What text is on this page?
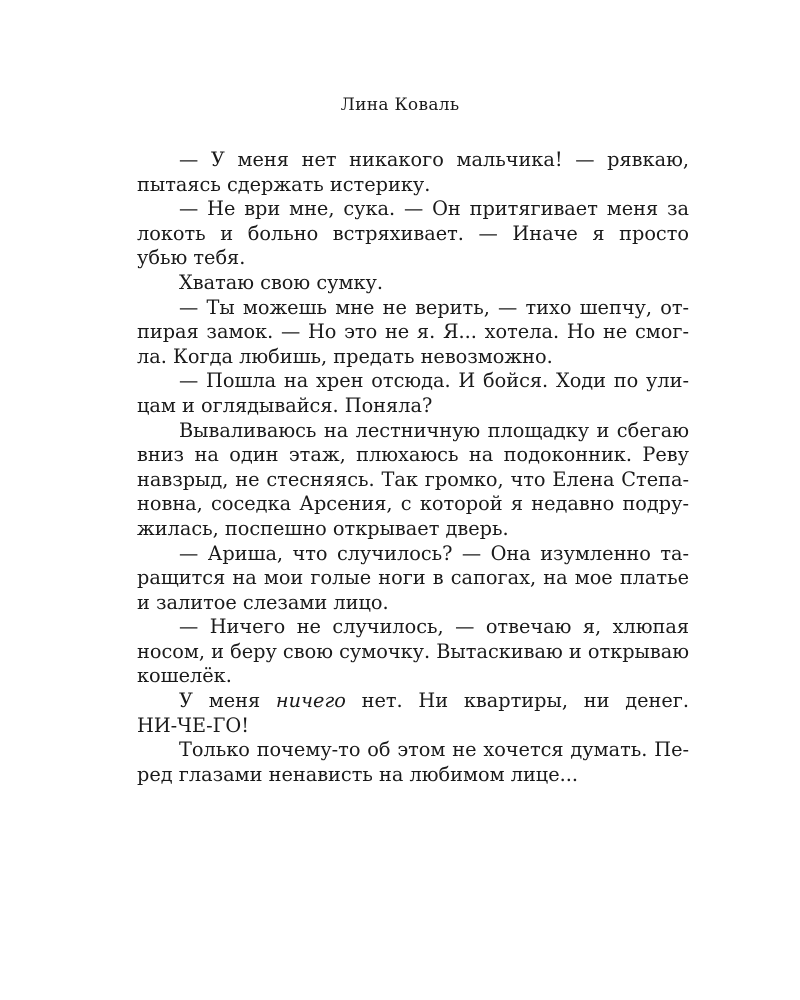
Лина Коваль
— У меня нет никакого мальчика! — рявкаю,
пытаясь сдержать истерику.
— Не ври мне, сука. — Он притягивает меня за
локоть и больно встряхивает. — Иначе я просто
убью тебя.
Хватаю свою сумку.
— Ты можешь мне не верить, — тихо шепчу, от-
пирая замок. — Но это не я. Я... хотела. Но не смог-
ла. Когда любишь, предать невозможно.
— Пошла на хрен отсюда. И бойся. Ходи по ули-
цам и оглядывайся. Поняла?
Вываливаюсь на лестничную площадку и сбегаю
вниз на один этаж, плюхаюсь на подоконник. Реву
навзрыд, не стесняясь. Так громко, что Елена Степа-
новна, соседка Арсения, с которой я недавно подру-
жилась, поспешно открывает дверь.
— Ариша, что случилось? — Она изумленно та-
ращится на мои голые ноги в сапогах, на мое платье
и залитое слезами лицо.
— Ничего не случилось, — отвечаю я, хлюпая
носом, и беру свою сумочку. Вытаскиваю и открываю
кошелёк.
У меня ничего нет. Ни квартиры, ни денег.
НИ-ЧЕ-ГО!
Только почему-то об этом не хочется думать. Пе-
ред глазами ненависть на любимом лице...
